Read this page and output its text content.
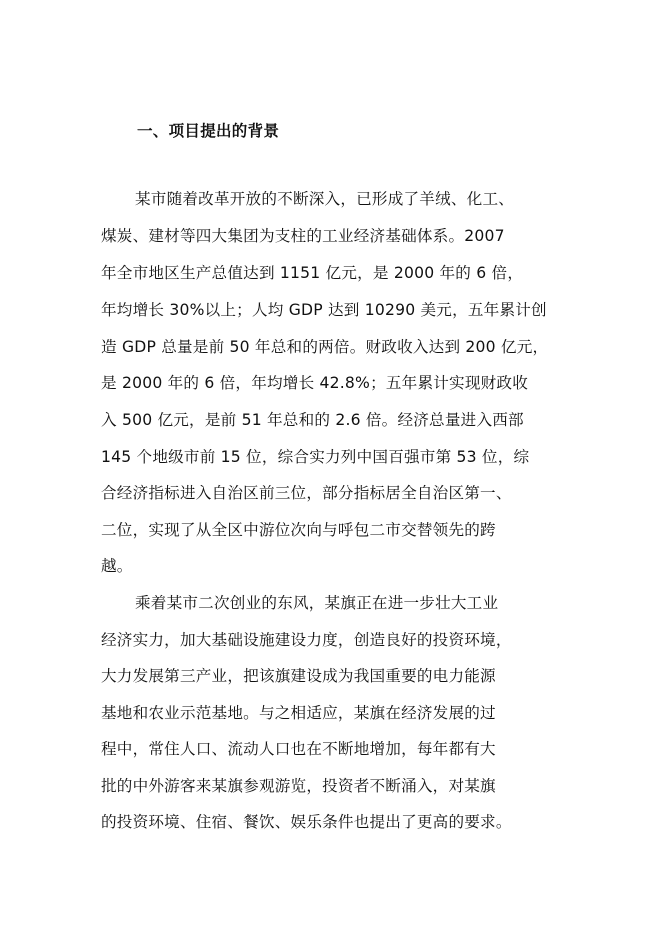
一、项目提出的背景
某市随着改革开放的不断深入，已形成了羊绒、化工、
煤炭、建材等四大集团为支柱的工业经济基础体系。2007
年全市地区生产总值达到 1151 亿元，是 2000 年的 6 倍，
年均增长 30%以上；人均 GDP 达到 10290 美元，五年累计创
造 GDP 总量是前 50 年总和的两倍。财政收入达到 200 亿元，
是 2000 年的 6 倍，年均增长 42.8%；五年累计实现财政收
入 500 亿元，是前 51 年总和的 2.6 倍。经济总量进入西部
145 个地级市前 15 位，综合实力列中国百强市第 53 位，综
合经济指标进入自治区前三位，部分指标居全自治区第一、
二位，实现了从全区中游位次向与呼包二市交替领先的跨
越。
乘着某市二次创业的东风，某旗正在进一步壮大工业
经济实力，加大基础设施建设力度，创造良好的投资环境，
大力发展第三产业，把该旗建设成为我国重要的电力能源
基地和农业示范基地。与之相适应，某旗在经济发展的过
程中，常住人口、流动人口也在不断地增加，每年都有大
批的中外游客来某旗参观游览，投资者不断涌入，对某旗
的投资环境、住宿、餐饮、娱乐条件也提出了更高的要求。
